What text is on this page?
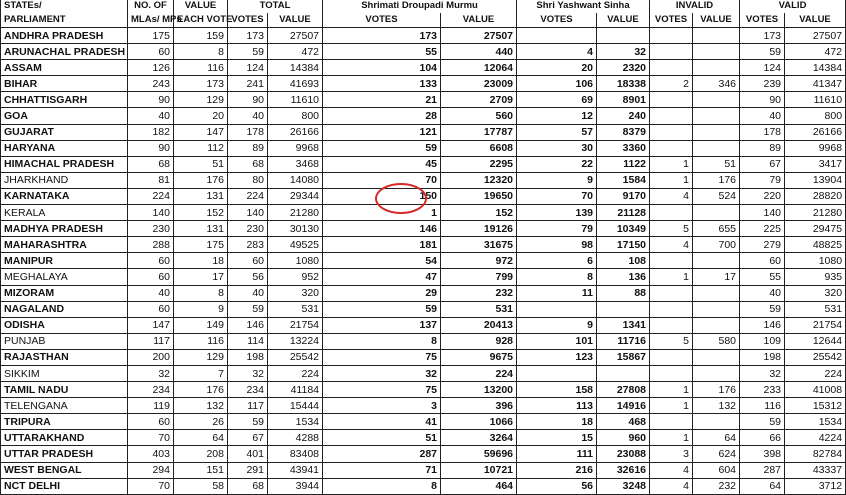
STATEs/	NO. OF	VALUE	TOTAL		Shrimati Droupadi Murmu		Shri Yashwant Sinha		INVALID		VALID	
PARLIAMENT	MLAs/ MPs	EACH VOTE	VOTES	VALUE	VOTES	VALUE	VOTES	VALUE	VOTES	VALUE	VOTES	VALUE
ANDHRA PRADESH	175	159	173	27507	173	27507					173	27507
ARUNACHAL PRADESH	60	8	59	472	55	440	4	32			59	472
ASSAM	126	116	124	14384	104	12064	20	2320			124	14384
BIHAR	243	173	241	41693	133	23009	106	18338	2	346	239	41347
CHHATTISGARH	90	129	90	11610	21	2709	69	8901			90	11610
GOA	40	20	40	800	28	560	12	240			40	800
GUJARAT	182	147	178	26166	121	17787	57	8379			178	26166
HARYANA	90	112	89	9968	59	6608	30	3360			89	9968
HIMACHAL PRADESH	68	51	68	3468	45	2295	22	1122	1	51	67	3417
JHARKHAND	81	176	80	14080	70	12320	9	1584	1	176	79	13904
KARNATAKA	224	131	224	29344	150	19650	70	9170	4	524	220	28820
KERALA	140	152	140	21280	1	152	139	21128			140	21280
MADHYA PRADESH	230	131	230	30130	146	19126	79	10349	5	655	225	29475
MAHARASHTRA	288	175	283	49525	181	31675	98	17150	4	700	279	48825
MANIPUR	60	18	60	1080	54	972	6	108			60	1080
MEGHALAYA	60	17	56	952	47	799	8	136	1	17	55	935
MIZORAM	40	8	40	320	29	232	11	88			40	320
NAGALAND	60	9	59	531	59	531					59	531
ODISHA	147	149	146	21754	137	20413	9	1341			146	21754
PUNJAB	117	116	114	13224	8	928	101	11716	5	580	109	12644
RAJASTHAN	200	129	198	25542	75	9675	123	15867			198	25542
SIKKIM	32	7	32	224	32	224					32	224
TAMIL NADU	234	176	234	41184	75	13200	158	27808	1	176	233	41008
TELENGANA	119	132	117	15444	3	396	113	14916	1	132	116	15312
TRIPURA	60	26	59	1534	41	1066	18	468			59	1534
UTTARAKHAND	70	64	67	4288	51	3264	15	960	1	64	66	4224
UTTAR PRADESH	403	208	401	83408	287	59696	111	23088	3	624	398	82784
WEST BENGAL	294	151	291	43941	71	10721	216	32616	4	604	287	43337
NCT DELHI	70	58	68	3944	8	464	56	3248	4	232	64	3712
